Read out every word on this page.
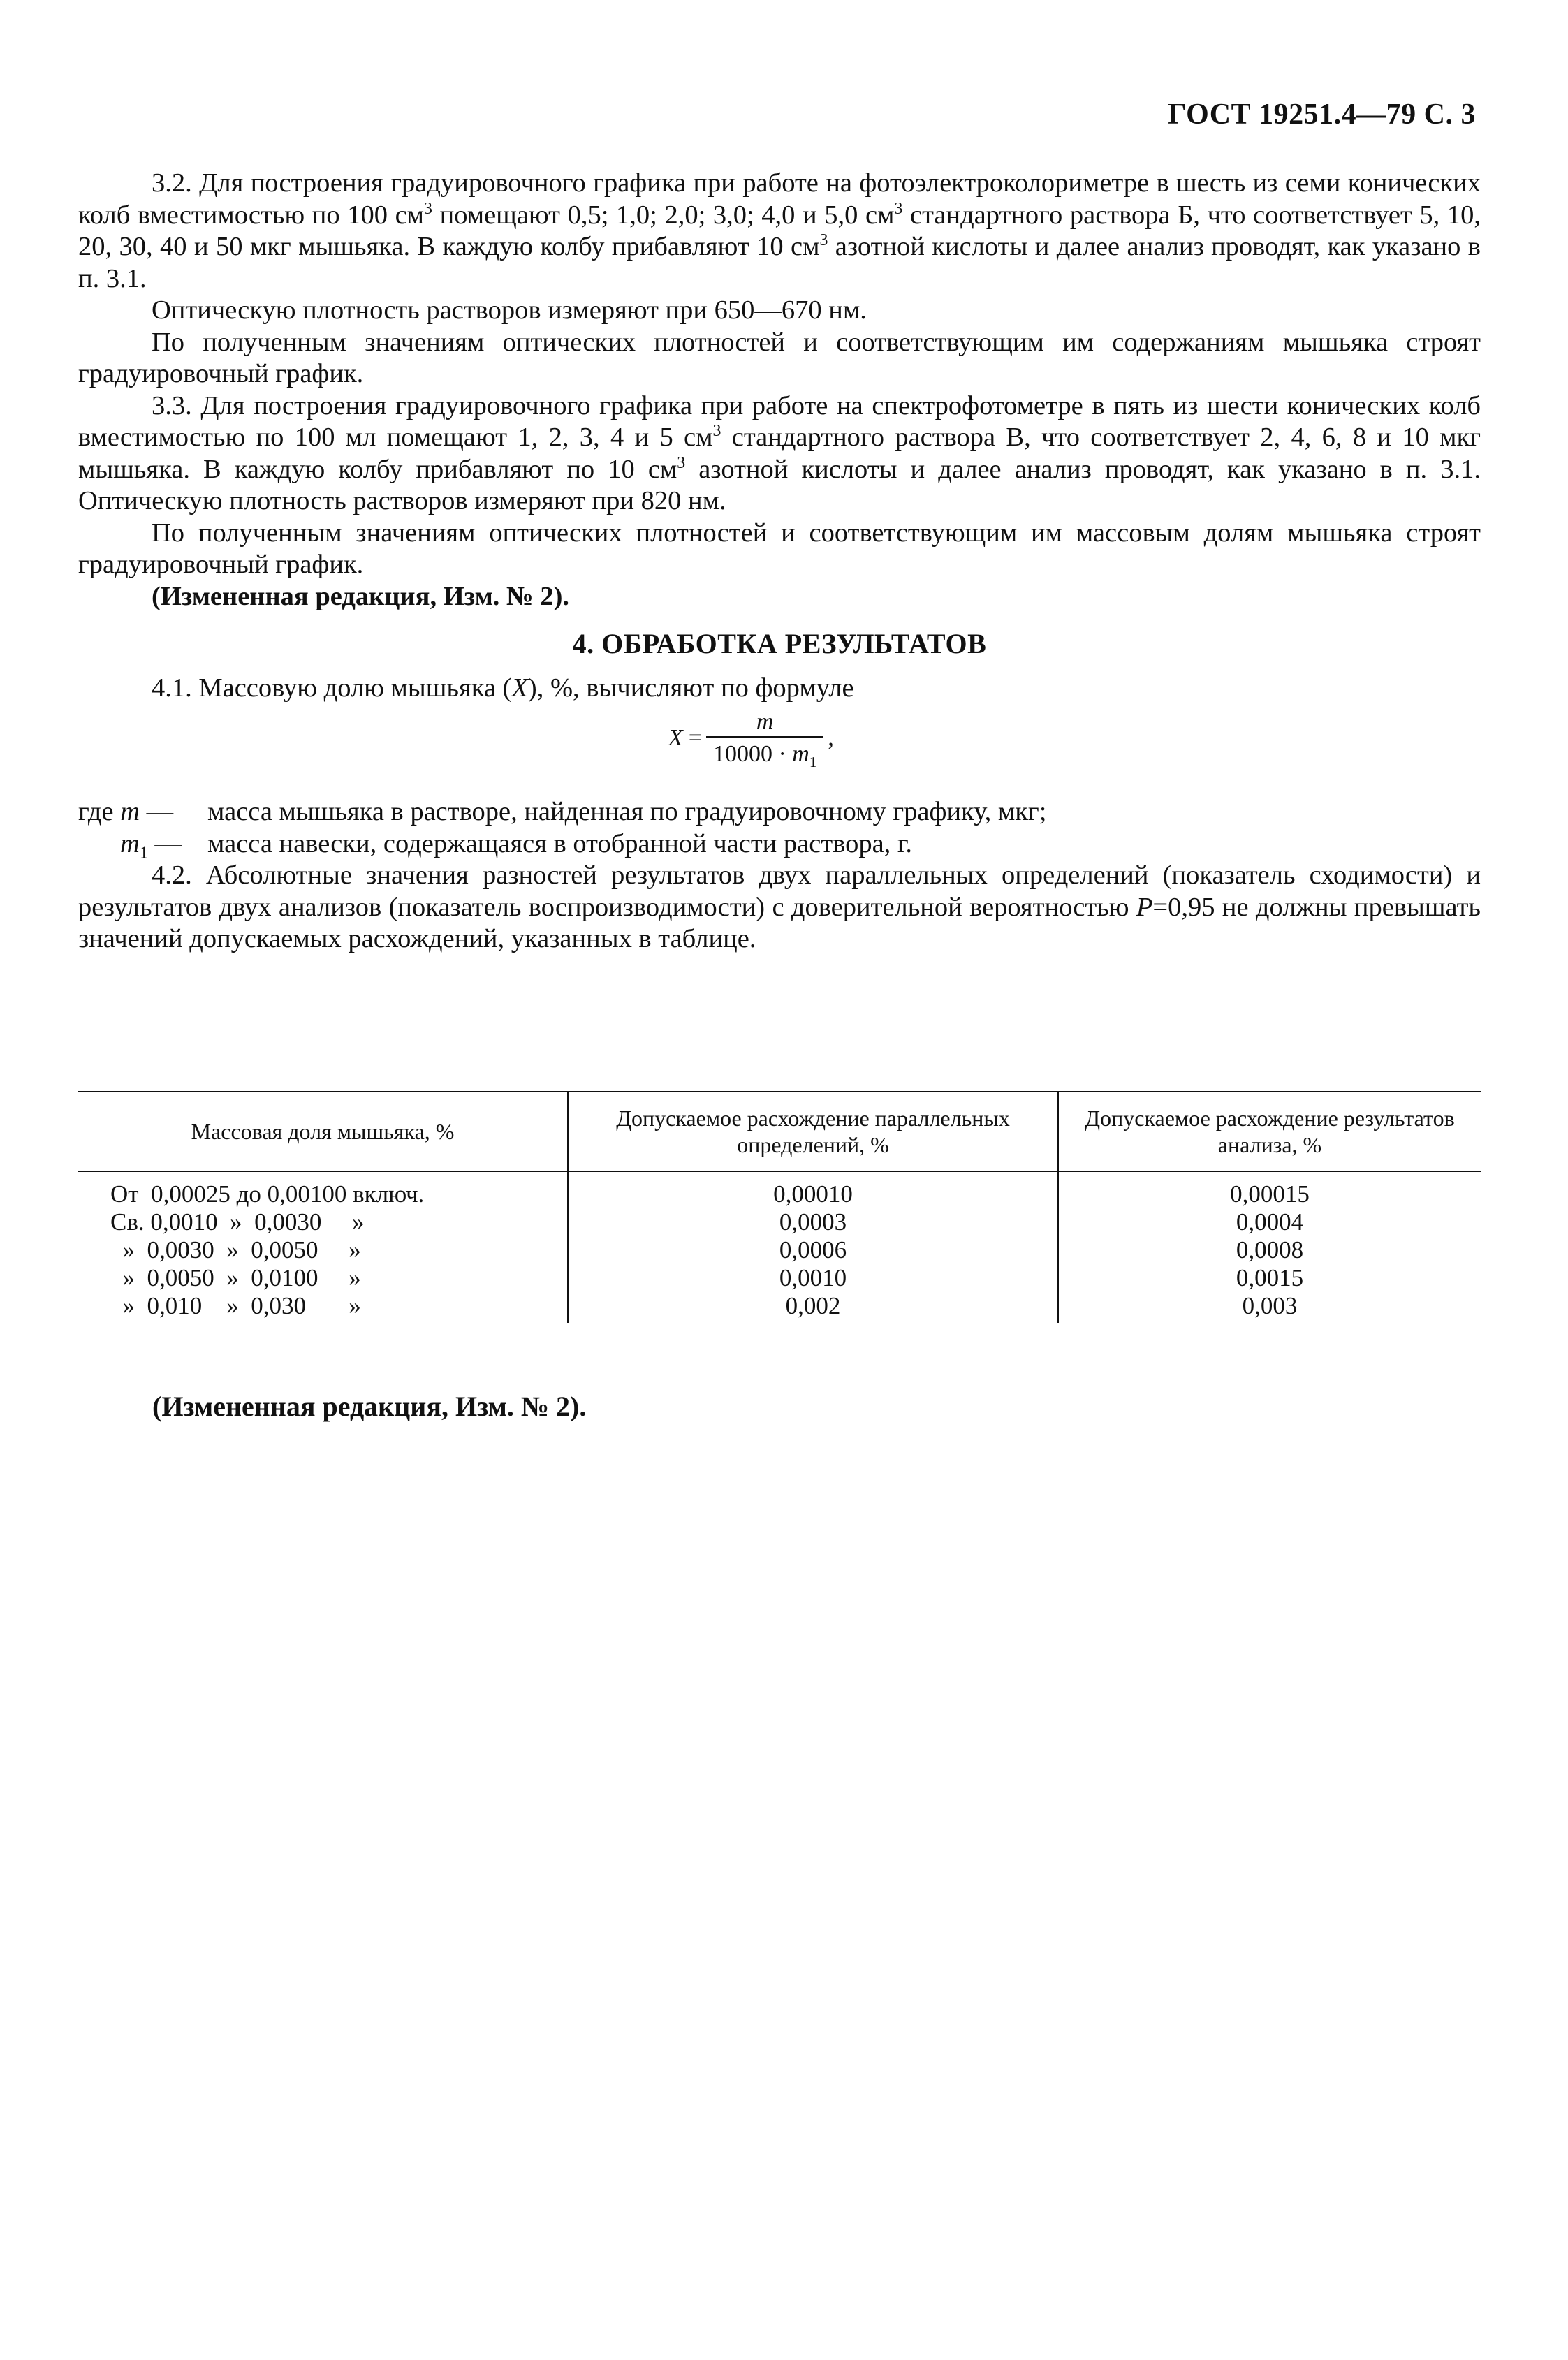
ГОСТ 19251.4—79 С. 3

3.2. Для построения градуировочного графика при работе на фотоэлектроколориметре в шесть из семи конических колб вместимостью по 100 $см^3$ помещают 0,5; 1,0; 2,0; 3,0; 4,0 и 5,0 $см^3$ стандартного раствора Б, что соответствует 5, 10, 20, 30, 40 и 50 мкг мышьяка. В каждую колбу прибавляют 10 $см^3$ азотной кислоты и далее анализ проводят, как указано в п. 3.1.

Оптическую плотность растворов измеряют при 650—670 нм.

По полученным значениям оптических плотностей и соответствующим им содержаниям мышьяка строят градуировочный график.

3.3. Для построения градуировочного графика при работе на спектрофотометре в пять из шести конических колб вместимостью по 100 мл помещают 1, 2, 3, 4 и 5 $см^3$ стандартного раствора В, что соответствует 2, 4, 6, 8 и 10 мкг мышьяка. В каждую колбу прибавляют по 10 $см^3$ азотной кислоты и далее анализ проводят, как указано в п. 3.1. Оптическую плотность растворов измеряют при 820 нм.

По полученным значениям оптических плотностей и соответствующим им массовым долям мышьяка строят градуировочный график.

(Измененная редакция, Изм. № 2).

4. ОБРАБОТКА РЕЗУЛЬТАТОВ

4.1. Массовую долю мышьяка (X), %, вычисляют по формуле

$X = \frac{m}{10000 \cdot m_1}$ ,
где m —	масса мышьяка в растворе, найденная по градуировочному графику, мкг;
$m_1$ — масса навески, содержащаяся в отобранной части раствора, г.

4.2. Абсолютные значения разностей результатов двух параллельных определений (показатель сходимости) и результатов двух анализов (показатель воспроизводимости) с доверительной вероятностью P=0,95 не должны превышать значений допускаемых расхождений, указанных в таблице.

Массовая доля мышьяка, %	Допускаемое расхождение параллельных определений, %	Допускаемое расхождение результатов анализа, %

От  0,00025 до 0,00100 включ.	0,00010	0,00015

Св. 0,0010  »  0,0030     »	0,0003	0,0004

»  0,0030  »  0,0050     »	0,0006	0,0008

»  0,0050  »  0,0100     »	0,0010	0,0015

»  0,010    »  0,030       »	0,002	0,003
(Измененная редакция, Изм. № 2).
